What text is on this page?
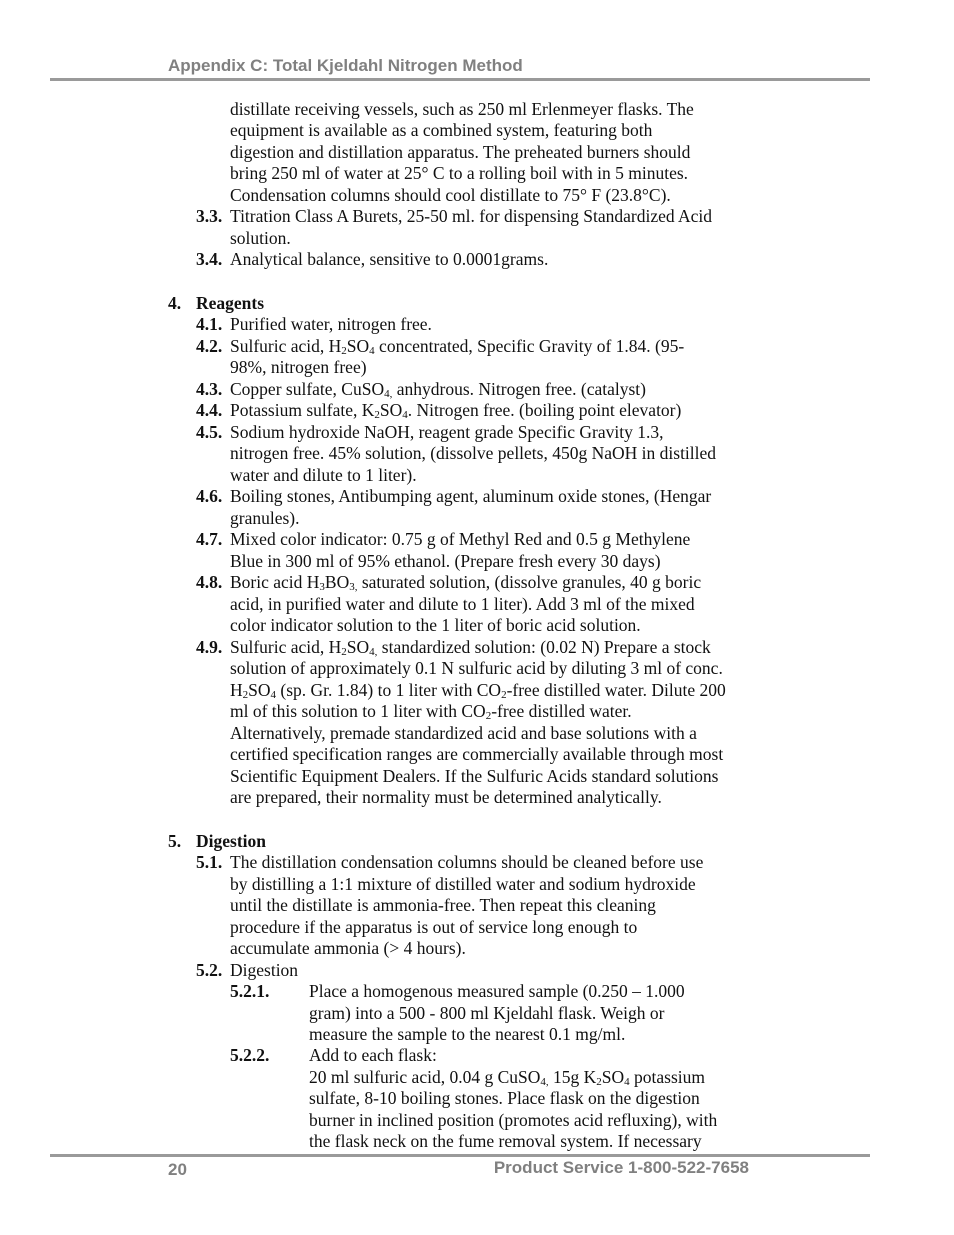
Appendix C: Total Kjeldahl Nitrogen Method
distillate receiving vessels, such as 250 ml Erlenmeyer flasks. The
equipment is available as a combined system, featuring both
digestion and distillation apparatus. The preheated burners should
bring 250 ml of water at 25° C to a rolling boil with in 5 minutes.
Condensation columns should cool distillate to 75° F (23.8°C).
3.3. Titration Class A Burets, 25-50 ml. for dispensing Standardized Acid
solution.
3.4. Analytical balance, sensitive to 0.0001grams.
4. Reagents
4.1. Purified water, nitrogen free.
4.2. Sulfuric acid, $H_2SO_4$ concentrated, Specific Gravity of 1.84. (95-
98%, nitrogen free)
4.3. Copper sulfate, CuSO$_{4,}$ anhydrous. Nitrogen free. (catalyst)
4.4. Potassium sulfate, $K_2SO_4$. Nitrogen free. (boiling point elevator)
4.5. Sodium hydroxide NaOH, reagent grade Specific Gravity 1.3,
nitrogen free. 45% solution, (dissolve pellets, 450g NaOH in distilled
water and dilute to 1 liter).
4.6. Boiling stones, Antibumping agent, aluminum oxide stones, (Hengar
granules).
4.7. Mixed color indicator: 0.75 g of Methyl Red and 0.5 g Methylene
Blue in 300 ml of 95% ethanol. (Prepare fresh every 30 days)
4.8. Boric acid $H_3BO_{3,}$ saturated solution, (dissolve granules, 40 g boric
acid, in purified water and dilute to 1 liter). Add 3 ml of the mixed
color indicator solution to the 1 liter of boric acid solution.
4.9. Sulfuric acid, $H_2SO_{4,}$ standardized solution: (0.02 N) Prepare a stock
solution of approximately 0.1 N sulfuric acid by diluting 3 ml of conc.
$H_2SO_4$ (sp. Gr. 1.84) to 1 liter with $CO_2$-free distilled water. Dilute 200
ml of this solution to 1 liter with $CO_2$-free distilled water.
Alternatively, premade standardized acid and base solutions with a
certified specification ranges are commercially available through most
Scientific Equipment Dealers. If the Sulfuric Acids standard solutions
are prepared, their normality must be determined analytically.
5. Digestion
5.1. The distillation condensation columns should be cleaned before use
by distilling a 1:1 mixture of distilled water and sodium hydroxide
until the distillate is ammonia-free. Then repeat this cleaning
procedure if the apparatus is out of service long enough to
accumulate ammonia (> 4 hours).
5.2. Digestion
5.2.1. Place a homogenous measured sample (0.250 – 1.000
gram) into a 500 - 800 ml Kjeldahl flask. Weigh or
measure the sample to the nearest 0.1 mg/ml.
5.2.2. Add to each flask:
20 ml sulfuric acid, 0.04 g CuSO$_{4,}$ 15g $K_2SO_4$ potassium
sulfate, 8-10 boiling stones. Place flask on the digestion
burner in inclined position (promotes acid refluxing), with
the flask neck on the fume removal system. If necessary
20	Product Service 1-800-522-7658
